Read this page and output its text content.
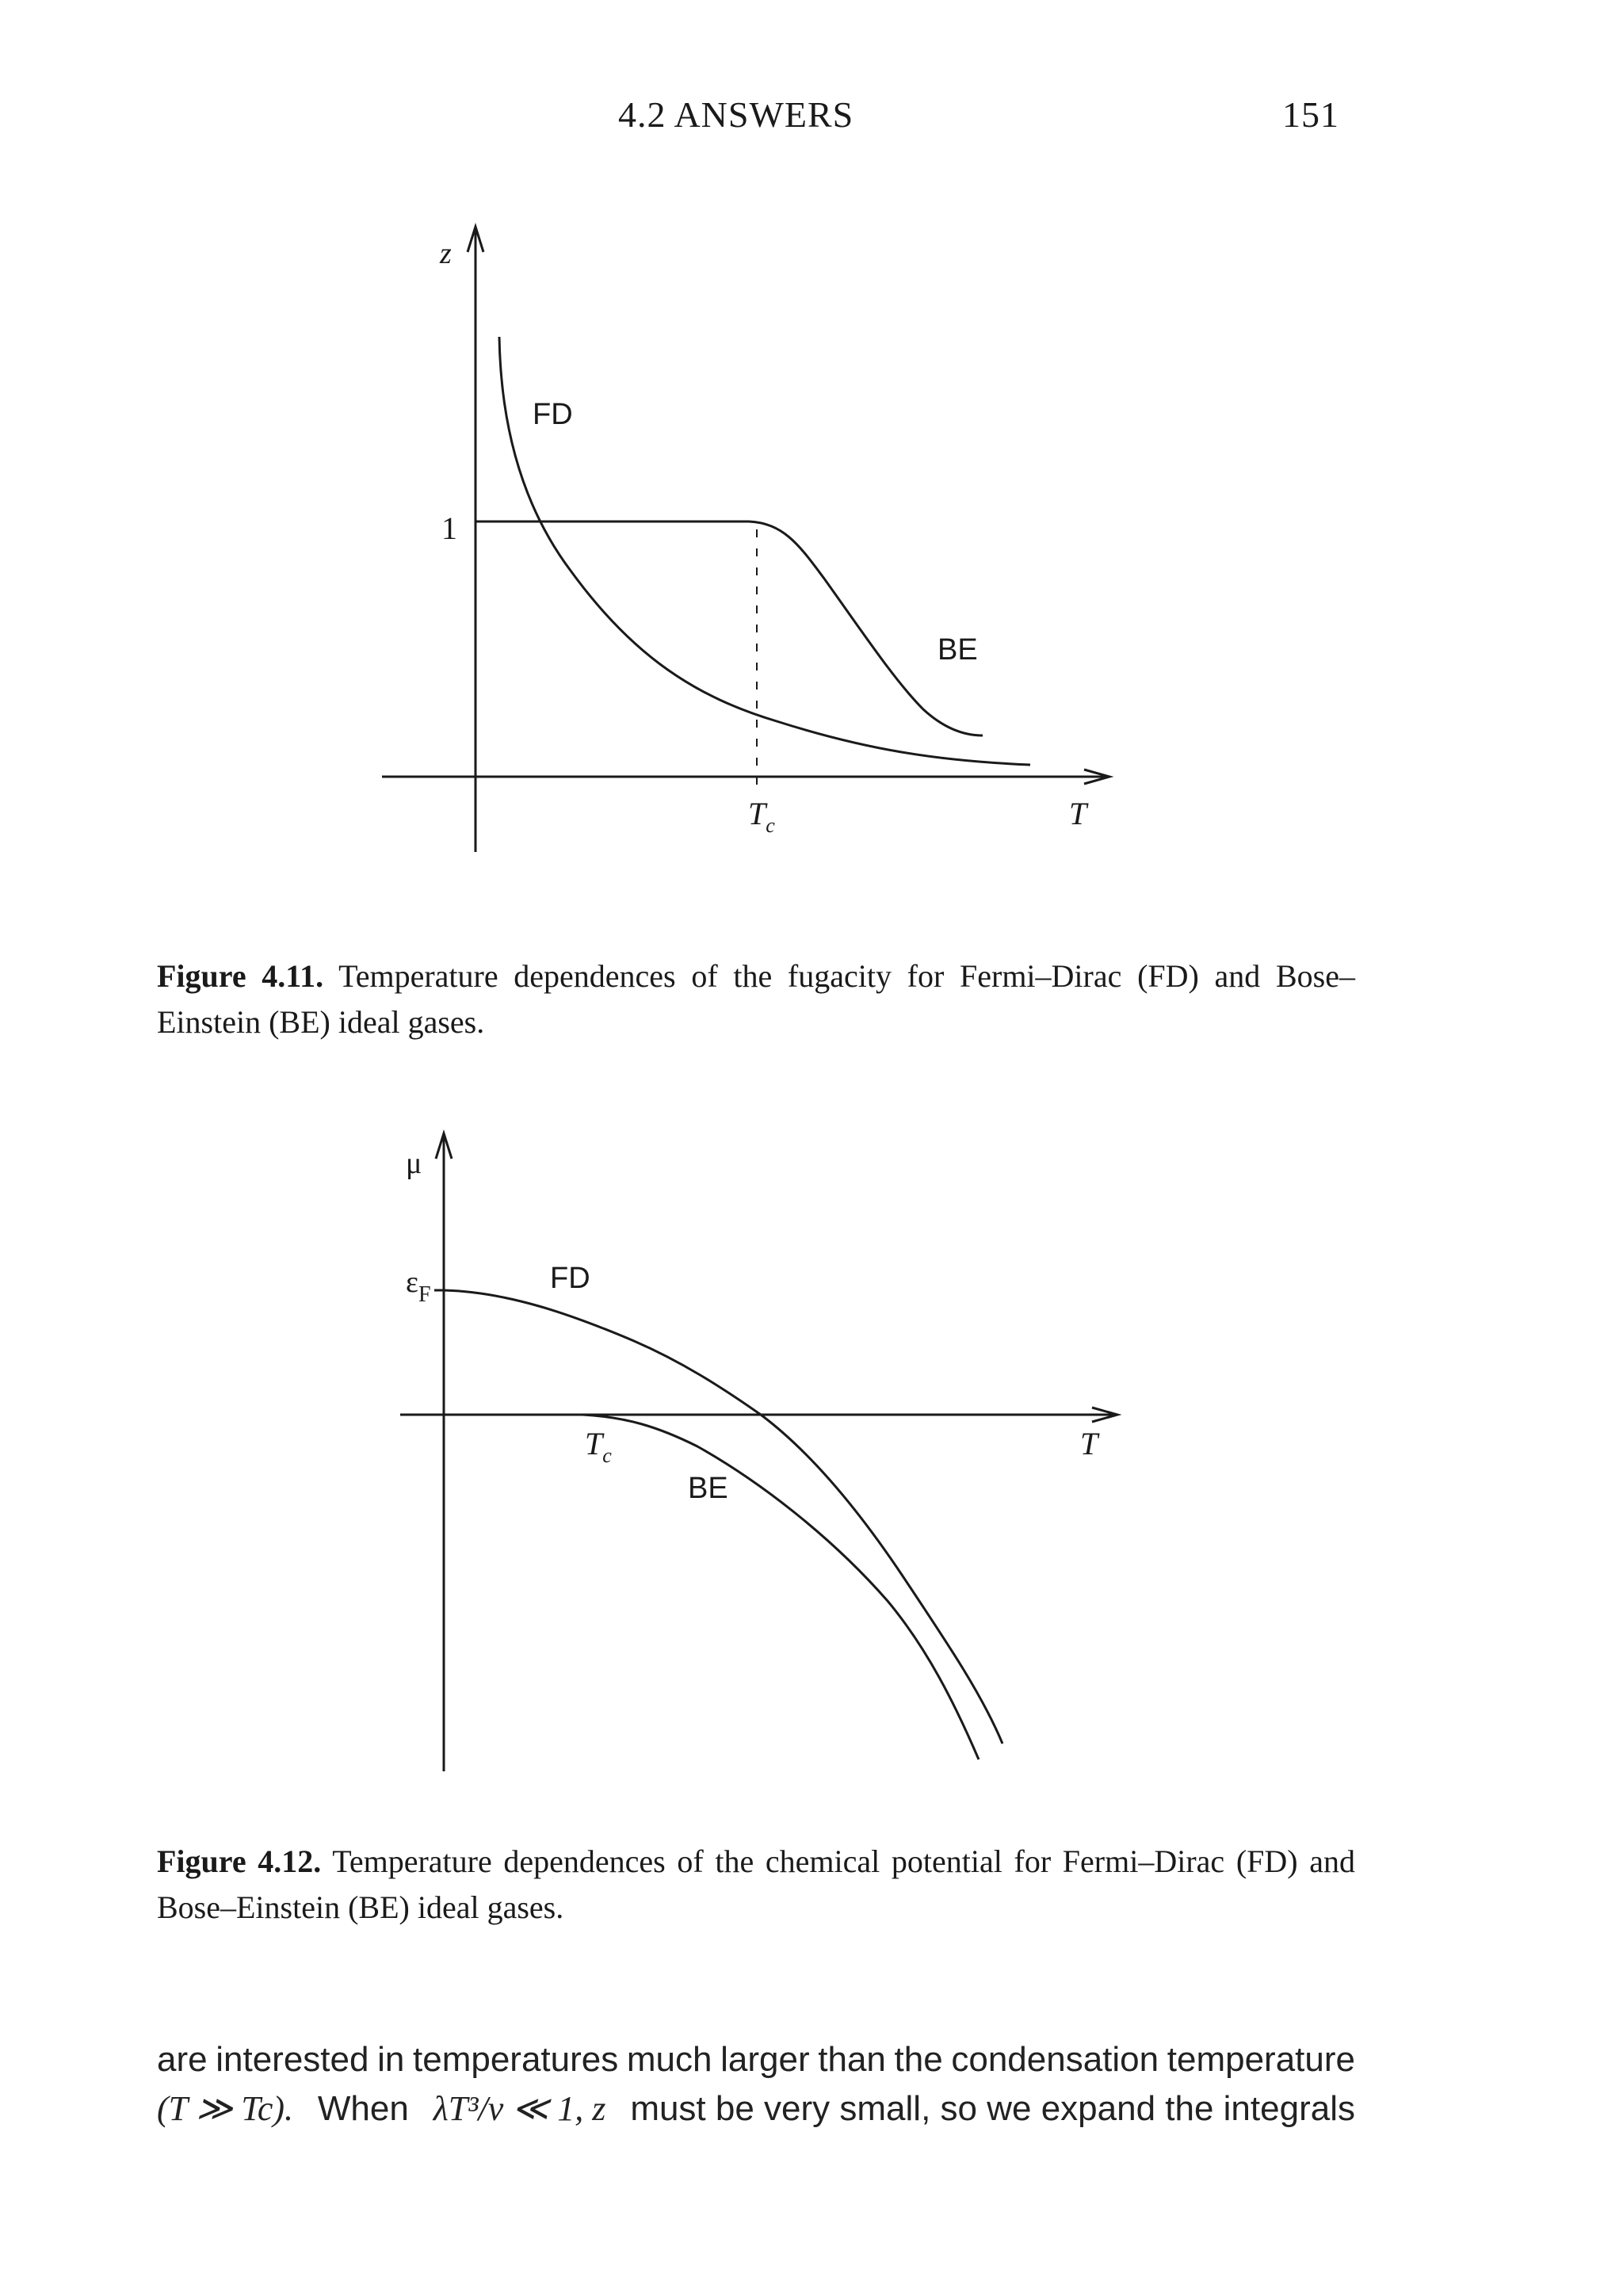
4.2 ANSWERS	151
z
1
FD
BE
$T_c$	T
Figure 4.11. Temperature dependences of the fugacity for Fermi–Dirac (FD) and Bose–Einstein (BE) ideal gases.
μ
$\varepsilon_F$	FD
BE
$T_c$	T
Figure 4.12. Temperature dependences of the chemical potential for Fermi–Dirac (FD) and Bose–Einstein (BE) ideal gases.
are interested in temperatures much larger than the condensation temperature
(T ≫ Tc). When λT³/v ≪ 1, z must be very small, so we expand the integrals
